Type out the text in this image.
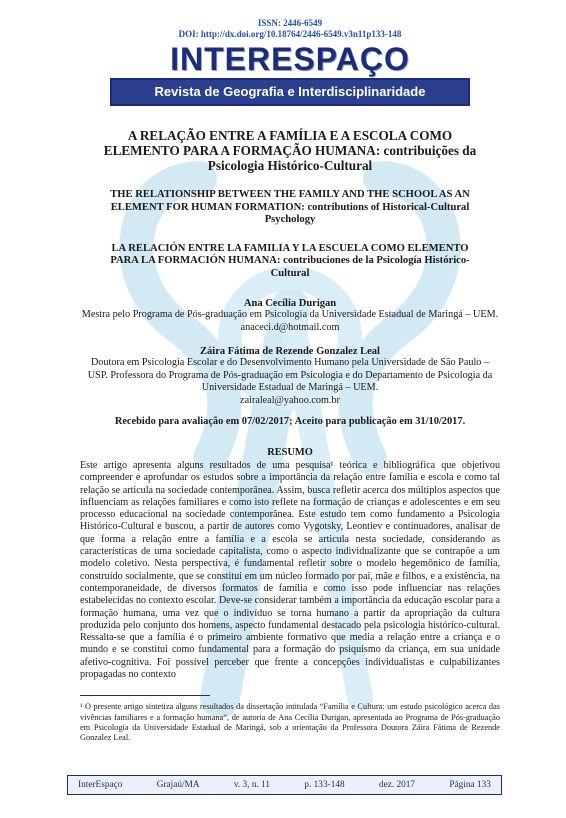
ISSN: 2446-6549
DOI: http://dx.doi.org/10.18764/2446-6549.v3n11p133-148
INTERESPAÇO
Revista de Geografia e Interdisciplinaridade
A RELAÇÃO ENTRE A FAMÍLIA E A ESCOLA COMO
ELEMENTO PARA A FORMAÇÃO HUMANA: contribuições da
Psicologia Histórico-Cultural
THE RELATIONSHIP BETWEEN THE FAMILY AND THE SCHOOL AS AN
ELEMENT FOR HUMAN FORMATION: contributions of Historical-Cultural
Psychology
LA RELACIÓN ENTRE LA FAMILIA Y LA ESCUELA COMO ELEMENTO
PARA LA FORMACIÓN HUMANA: contribuciones de la Psicología Histórico-
Cultural
Ana Cecília Durigan
Mestra pelo Programa de Pós-graduação em Psicologia da Universidade Estadual de Maringá – UEM.
anaceci.d@hotmail.com
Záira Fátima de Rezende Gonzalez Leal
Doutora em Psicologia Escolar e do Desenvolvimento Humano pela Universidade de São Paulo – USP. Professora do Programa de Pós-graduação em Psicologia e do Departamento de Psicologia da Universidade Estadual de Maringá – UEM.
zairaleal@yahoo.com.br
Recebido para avaliação em 07/02/2017; Aceito para publicação em 31/10/2017.
RESUMO
Este artigo apresenta alguns resultados de uma pesquisa¹ teórica e bibliográfica que objetivou compreender e aprofundar os estudos sobre a importância da relação entre família e escola e como tal relação se articula na sociedade contemporânea. Assim, busca refletir acerca dos múltiplos aspectos que influenciam as relações familiares e como isto reflete na formação de crianças e adolescentes e em seu processo educacional na sociedade contemporânea. Este estudo tem como fundamento a Psicologia Histórico-Cultural e buscou, a partir de autores como Vygotsky, Leontiev e continuadores, analisar de que forma a relação entre a família e a escola se articula nesta sociedade, considerando as características de uma sociedade capitalista, como o aspecto individualizante que se contrapõe a um modelo coletivo. Nesta perspectiva, é fundamental refletir sobre o modelo hegemônico de família, construído socialmente, que se constitui em um núcleo formado por pai, mãe e filhos, e a existência, na contemporaneidade, de diversos formatos de família e como isso pode influenciar nas relações estabelecidas no contexto escolar. Deve-se considerar também a importância da educação escolar para a formação humana, uma vez que o indivíduo se torna humano a partir da apropriação da cultura produzida pelo conjunto dos homens, aspecto fundamental destacado pela psicologia histórico-cultural. Ressalta-se que a família é o primeiro ambiente formativo que media a relação entre a criança e o mundo e se constitui como fundamental para a formação do psiquismo da criança, em sua unidade afetivo-cognitiva. Foi possível perceber que frente a concepções individualistas e culpabilizantes propagadas no contexto
¹ O presente artigo sintetiza alguns resultados da dissertação intitulada “Família e Cultura: um estudo psicológico acerca das vivências familiares e a formação humana”, de autoria de Ana Cecília Durigan, apresentada ao Programa de Pós-graduação em Psicologia da Universidade Estadual de Maringá, sob a orientação da Professora Doutora Záira Fátima de Rezende Gonzalez Leal.
InterEspaço	Grajaú/MA	v. 3, n. 11	p. 133-148	dez. 2017	Página 133
